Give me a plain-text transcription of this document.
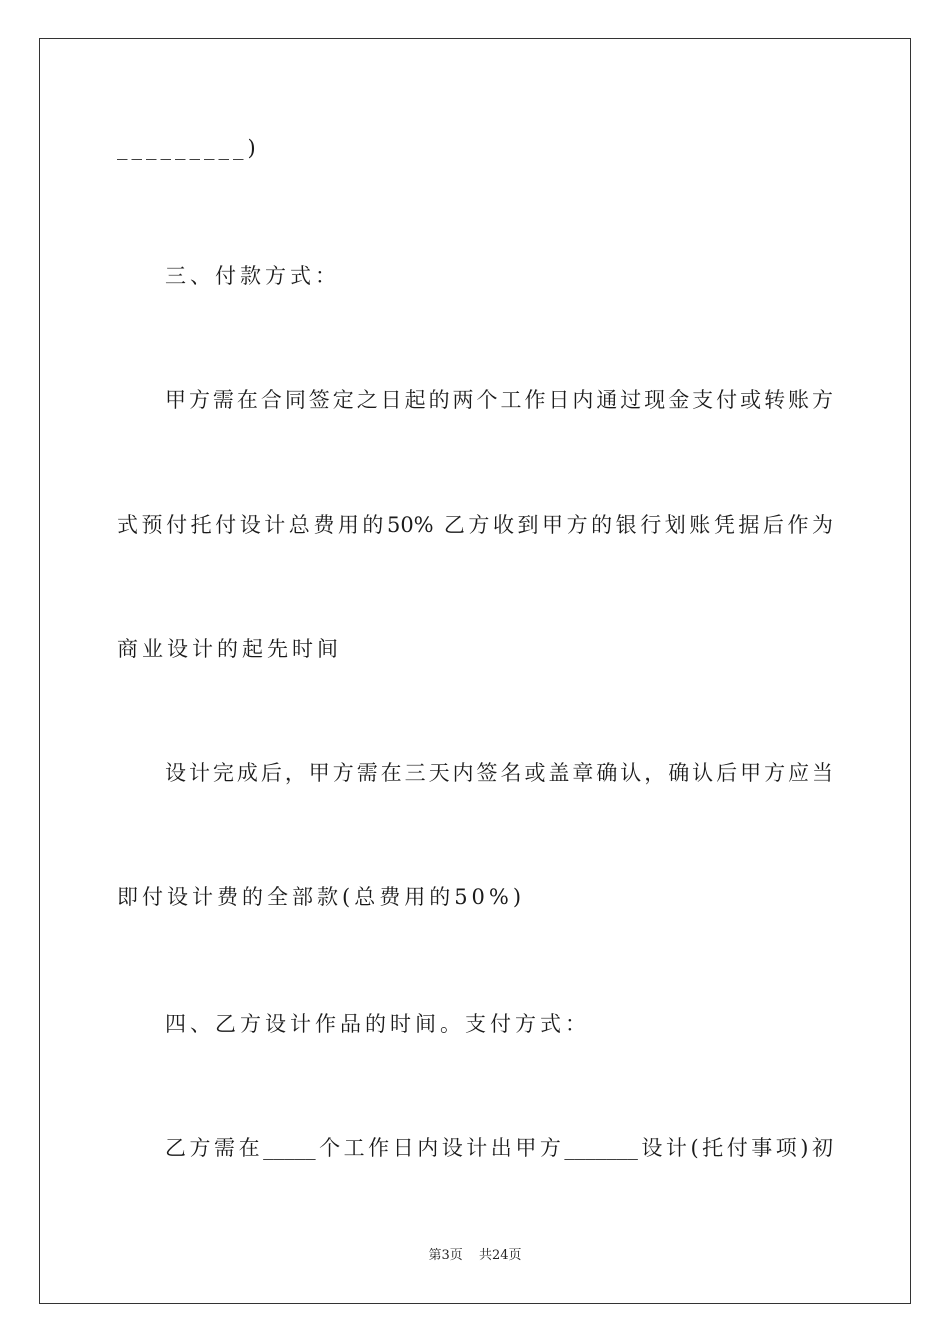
_________)
三、付款方式：
甲方需在合同签定之日起的两个工作日内通过现金支付或转账方
式预付托付设计总费用的50% 乙方收到甲方的银行划账凭据后作为
商业设计的起先时间
设计完成后，甲方需在三天内签名或盖章确认，确认后甲方应当
即付设计费的全部款(总费用的50%)
四、乙方设计作品的时间。支付方式：
乙方需在_____个工作日内设计出甲方_______设计(托付事项)初
第3页 共24页
